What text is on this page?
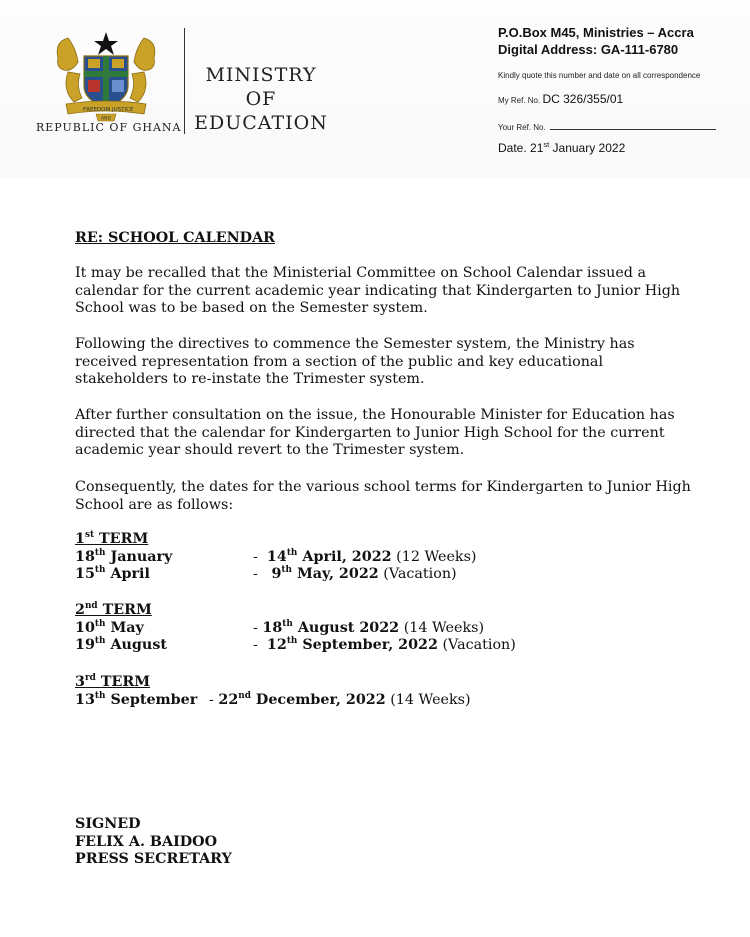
FREEDOM JUSTICE
AND
REPUBLIC OF GHANA
MINISTRY
OF
EDUCATION
P.O.Box M45, Ministries – Accra
Digital Address: GA-111-6780
Kindly quote this number and date on all correspondence
My Ref. No. DC 326/355/01
Your Ref. No.
Date. 21st January 2022
RE: SCHOOL CALENDAR
It may be recalled that the Ministerial Committee on School Calendar issued a calendar for the current academic year indicating that Kindergarten to Junior High School was to be based on the Semester system.
Following the directives to commence the Semester system, the Ministry has received representation from a section of the public and key educational stakeholders to re-instate the Trimester system.
After further consultation on the issue, the Honourable Minister for Education has directed that the calendar for Kindergarten to Junior High School for the current academic year should revert to the Trimester system.
Consequently, the dates for the various school terms for Kindergarten to Junior High School are as follows:
1st TERM
18th January	-  14th April, 2022 (12 Weeks)
15th April	-   9th May, 2022 (Vacation)
2nd TERM
10th May	- 18th August 2022 (14 Weeks)
19th August	-  12th September, 2022 (Vacation)
3rd TERM
13th September - 22nd December, 2022 (14 Weeks)
SIGNED
FELIX A. BAIDOO
PRESS SECRETARY
